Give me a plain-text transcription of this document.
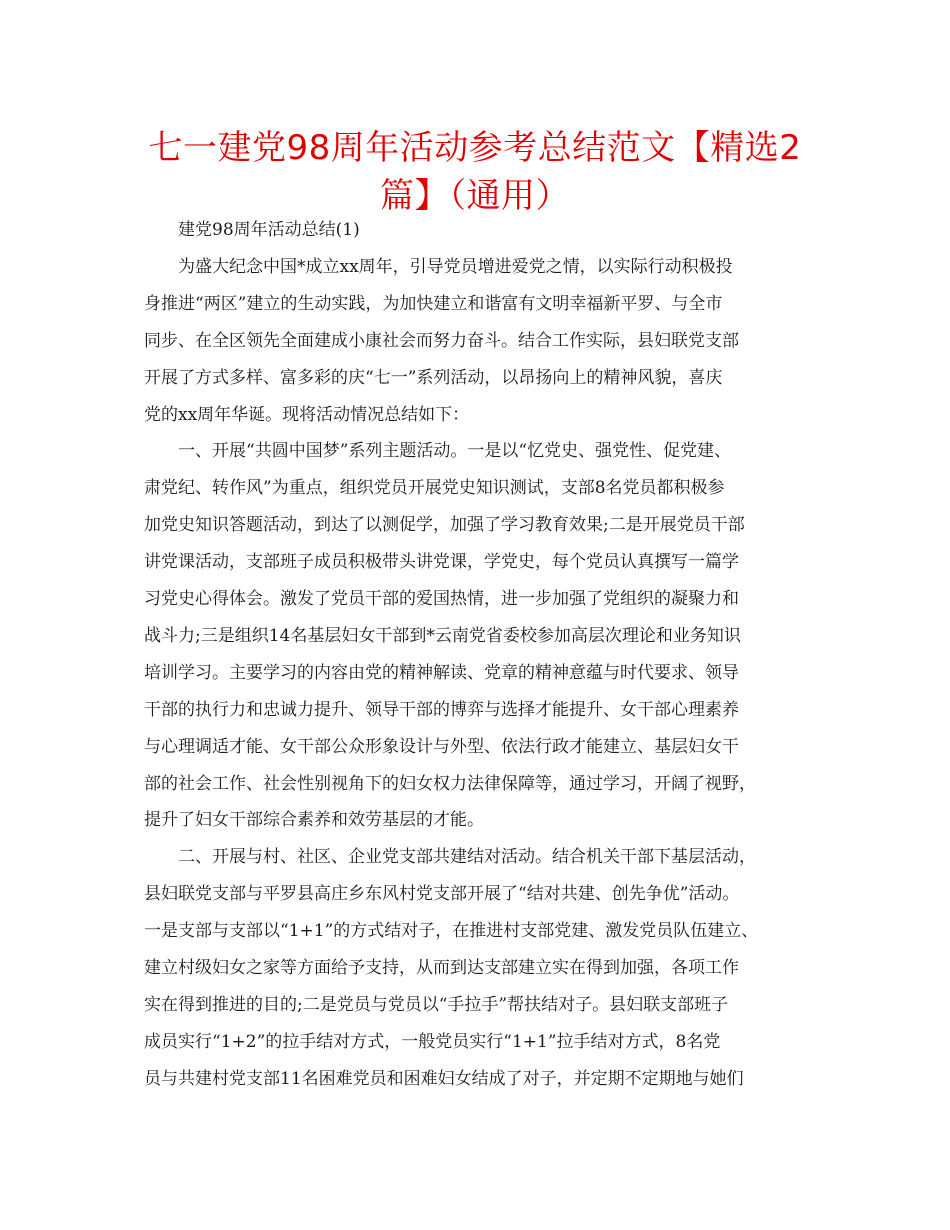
七一建党98周年活动参考总结范文【精选2
篇】（通用）
建党98周年活动总结(1)
为盛大纪念中国*成立xx周年，引导党员增进爱党之情，以实际行动积极投
身推进“两区”建立的生动实践，为加快建立和谐富有文明幸福新平罗、与全市
同步、在全区领先全面建成小康社会而努力奋斗。结合工作实际，县妇联党支部
开展了方式多样、富多彩的庆“七一”系列活动，以昂扬向上的精神风貌，喜庆
党的xx周年华诞。现将活动情况总结如下：
一、开展“共圆中国梦”系列主题活动。一是以“忆党史、强党性、促党建、
肃党纪、转作风”为重点，组织党员开展党史知识测试，支部8名党员都积极参
加党史知识答题活动，到达了以测促学，加强了学习教育效果;二是开展党员干部
讲党课活动，支部班子成员积极带头讲党课，学党史，每个党员认真撰写一篇学
习党史心得体会。激发了党员干部的爱国热情，进一步加强了党组织的凝聚力和
战斗力;三是组织14名基层妇女干部到*云南党省委校参加高层次理论和业务知识
培训学习。主要学习的内容由党的精神解读、党章的精神意蕴与时代要求、领导
干部的执行力和忠诚力提升、领导干部的博弈与选择才能提升、女干部心理素养
与心理调适才能、女干部公众形象设计与外型、依法行政才能建立、基层妇女干
部的社会工作、社会性别视角下的妇女权力法律保障等，通过学习，开阔了视野，
提升了妇女干部综合素养和效劳基层的才能。
二、开展与村、社区、企业党支部共建结对活动。结合机关干部下基层活动，
县妇联党支部与平罗县高庄乡东风村党支部开展了“结对共建、创先争优”活动。
一是支部与支部以“1+1”的方式结对子，在推进村支部党建、激发党员队伍建立、
建立村级妇女之家等方面给予支持，从而到达支部建立实在得到加强，各项工作
实在得到推进的目的;二是党员与党员以“手拉手”帮扶结对子。县妇联支部班子
成员实行“1+2”的拉手结对方式，一般党员实行“1+1”拉手结对方式，8名党
员与共建村党支部11名困难党员和困难妇女结成了对子，并定期不定期地与她们
